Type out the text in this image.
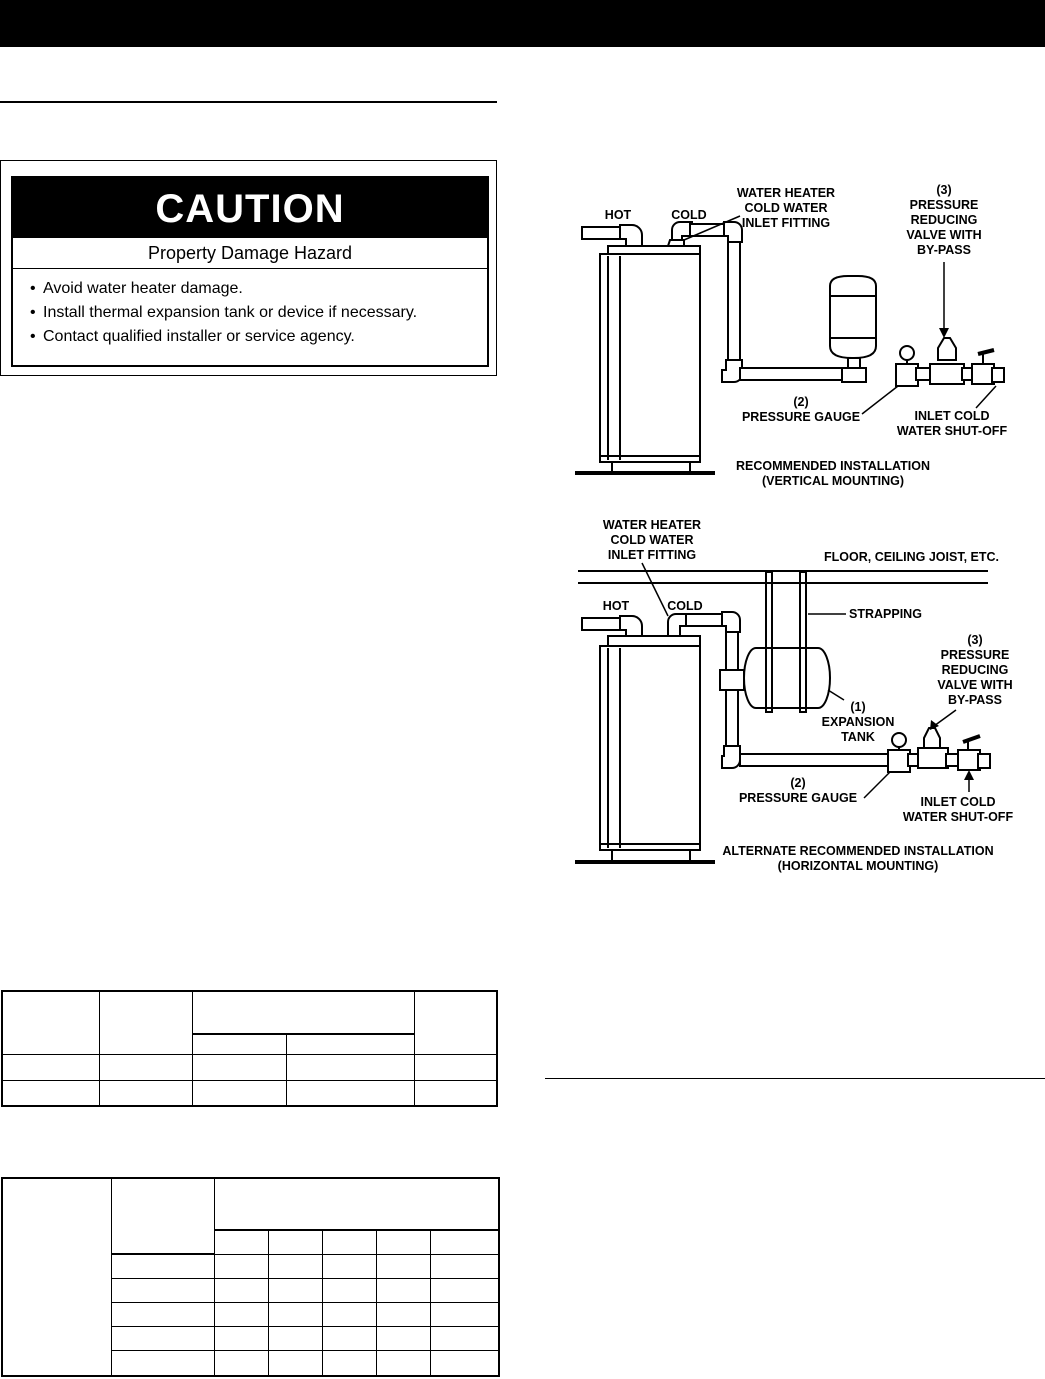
CAUTION
Property Damage Hazard
• Avoid water heater damage.
• Install thermal expansion tank or device if necessary.
• Contact qualified installer or service agency.

HOT	COLD
WATER HEATER
COLD WATER
INLET FITTING
(3)
PRESSURE
REDUCING
VALVE WITH
BY-PASS
(2)
PRESSURE GAUGE	INLET COLD
WATER SHUT-OFF
RECOMMENDED INSTALLATION
(VERTICAL MOUNTING)
WATER HEATER
COLD WATER
INLET FITTING	FLOOR, CEILING JOIST, ETC.
HOT	COLD
STRAPPING
(3)
PRESSURE
REDUCING
VALVE WITH
BY-PASS
(1)
EXPANSION
TANK
(2)
PRESSURE GAUGE	INLET COLD
WATER SHUT-OFF
ALTERNATE RECOMMENDED INSTALLATION
(HORIZONTAL MOUNTING)
